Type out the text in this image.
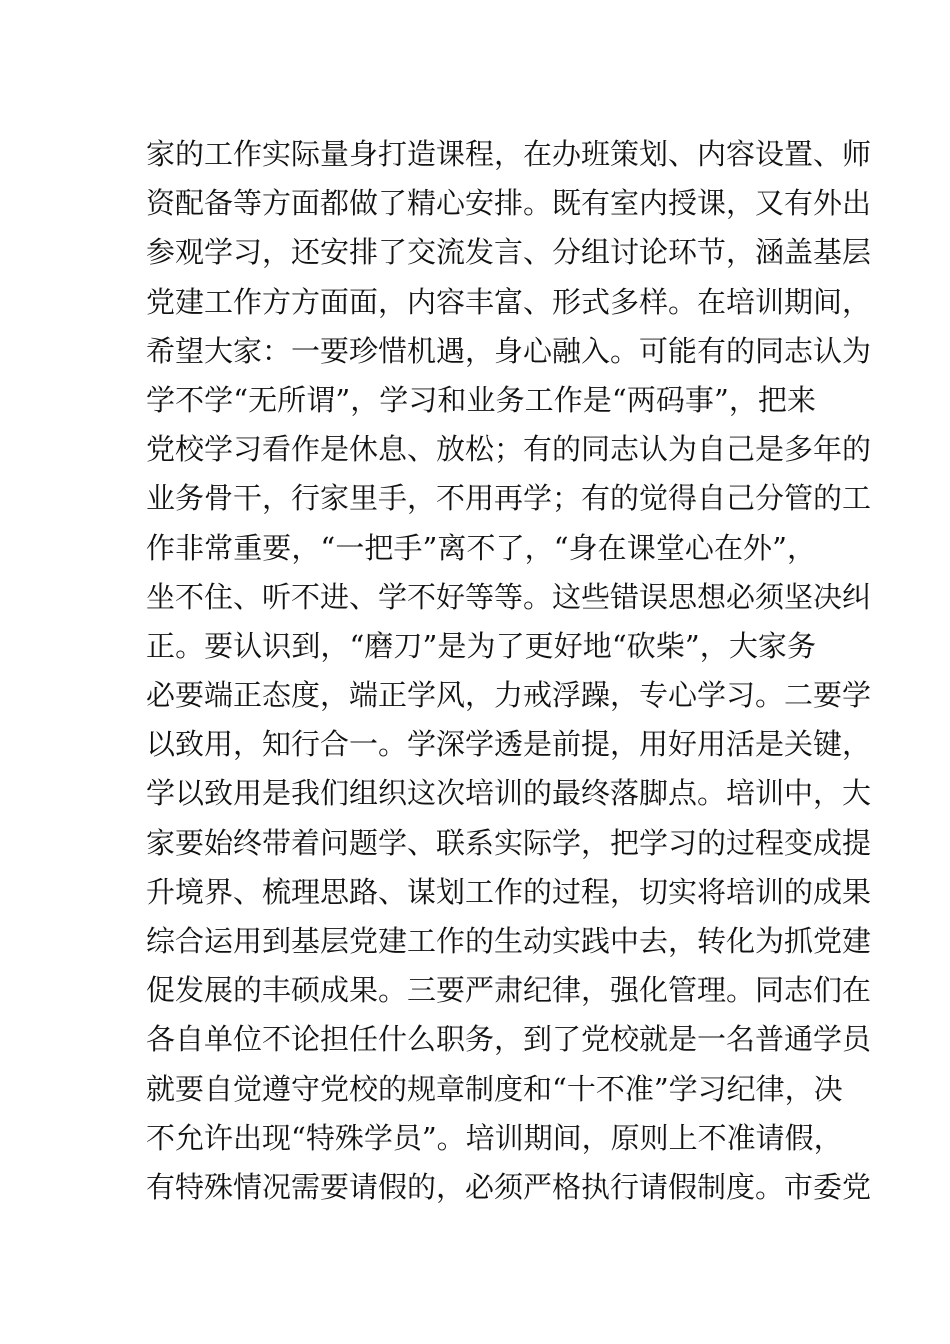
家的工作实际量身打造课程，在办班策划、内容设置、师
资配备等方面都做了精心安排。既有室内授课，又有外出
参观学习，还安排了交流发言、分组讨论环节，涵盖基层
党建工作方方面面，内容丰富、形式多样。在培训期间，
希望大家：一要珍惜机遇，身心融入。可能有的同志认为
学不学“无所谓”，学习和业务工作是“两码事”，把来
党校学习看作是休息、放松；有的同志认为自己是多年的
业务骨干，行家里手，不用再学；有的觉得自己分管的工
作非常重要，“一把手”离不了，“身在课堂心在外”，
坐不住、听不进、学不好等等。这些错误思想必须坚决纠
正。要认识到，“磨刀”是为了更好地“砍柴”，大家务
必要端正态度，端正学风，力戒浮躁，专心学习。二要学
以致用，知行合一。学深学透是前提，用好用活是关键，
学以致用是我们组织这次培训的最终落脚点。培训中，大
家要始终带着问题学、联系实际学，把学习的过程变成提
升境界、梳理思路、谋划工作的过程，切实将培训的成果
综合运用到基层党建工作的生动实践中去，转化为抓党建
促发展的丰硕成果。三要严肃纪律，强化管理。同志们在
各自单位不论担任什么职务，到了党校就是一名普通学员
就要自觉遵守党校的规章制度和“十不准”学习纪律，决
不允许出现“特殊学员”。培训期间，原则上不准请假，
有特殊情况需要请假的，必须严格执行请假制度。市委党
